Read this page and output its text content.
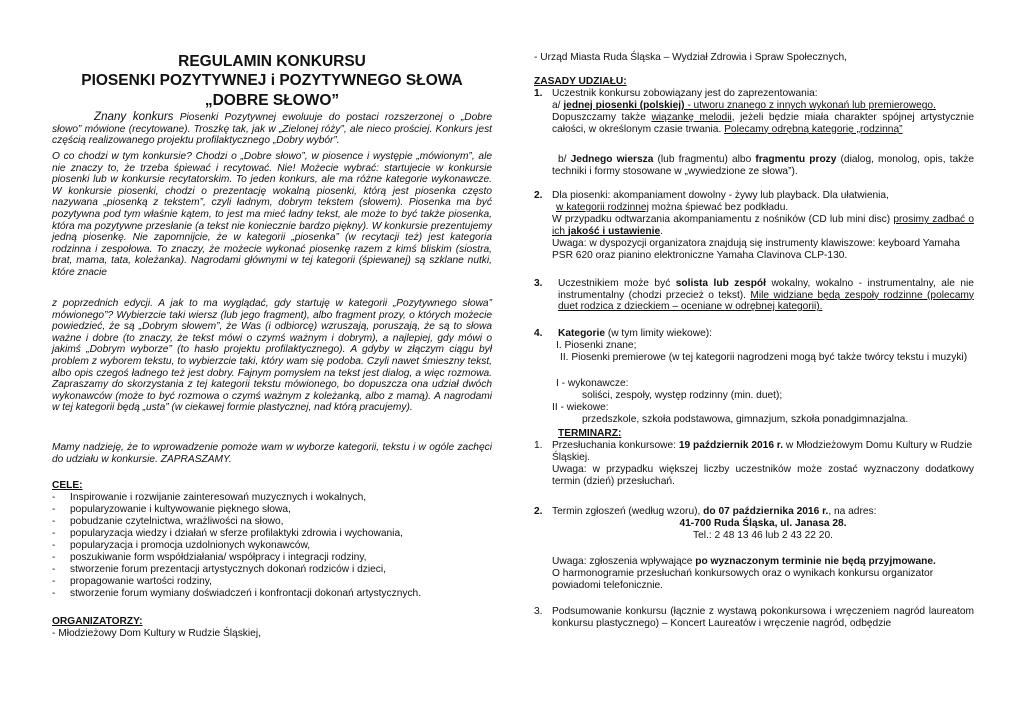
REGULAMIN KONKURSU
PIOSENKI POZYTYWNEJ i POZYTYWNEGO SŁOWA
„DOBRE SŁOWO”
Znany konkurs Piosenki Pozytywnej ewoluuje do postaci rozszerzonej o „Dobre słowo” mówione (recytowane). Troszkę tak, jak w „Zielonej róży”, ale nieco prościej. Konkurs jest częścią realizowanego projektu profilaktycznego „Dobry wybór”.
O co chodzi w tym konkursie? Chodzi o „Dobre słowo”, w piosence i występie „mówionym”, ale nie znaczy to, że trzeba śpiewać i recytować. Nie! Możecie wybrać: startujecie w konkursie piosenki lub w konkursie recytatorskim. To jeden konkurs, ale ma różne kategorie wykonawcze. W konkursie piosenki, chodzi o prezentację wokalną piosenki, którą jest piosenka często nazywana „piosenką z tekstem”, czyli ładnym, dobrym tekstem (słowem). Piosenka ma być pozytywna pod tym właśnie kątem, to jest ma mieć ładny tekst, ale może to być także piosenka, która ma pozytywne przesłanie (a tekst nie koniecznie bardzo piękny). W konkursie prezentujemy jedną piosenkę. Nie zapomnijcie, że w kategorii „piosenka” (w recytacji też) jest kategoria rodzinna i zespołowa. To znaczy, że możecie wykonać piosenkę razem z kimś bliskim (siostra, brat, mama, tata, koleżanka). Nagrodami głównymi w tej kategorii (śpiewanej) są szklane nutki, które znacie
z poprzednich edycji. A jak to ma wyglądać, gdy startuję w kategorii „Pozytywnego słowa” mówionego”? Wybierzcie taki wiersz (lub jego fragment), albo fragment prozy, o których możecie powiedzieć, że są „Dobrym słowem”, że Was (i odbiorcę) wzruszają, poruszają, że są to słowa ważne i dobre (to znaczy, że tekst mówi o czymś ważnym i dobrym), a najlepiej, gdy mówi o jakimś „Dobrym wyborze” (to hasło projektu profilaktycznego). A gdyby w złączym ciągu był problem z wyborem tekstu, to wybierzcie taki, który wam się podoba. Czyli nawet śmieszny tekst, albo opis czegoś ładnego też jest dobry. Fajnym pomysłem na tekst jest dialog, a więc rozmowa. Zapraszamy do skorzystania z tej kategorii tekstu mówionego, bo dopuszcza ona udział dwóch wykonawców (może to być rozmowa o czymś ważnym z koleżanką, albo z mamą). A nagrodami w tej kategorii będą „usta” (w ciekawej formie plastycznej, nad którą pracujemy).
Mamy nadzieję, że to wprowadzenie pomoże wam w wyborze kategorii, tekstu i w ogóle zachęci do udziału w konkursie. ZAPRASZAMY.
CELE:
- Inspirowanie i rozwijanie zainteresowań muzycznych i wokalnych,
- popularyzowanie i kultywowanie pięknego słowa,
- pobudzanie czytelnictwa, wrażliwości na słowo,
- popularyzacja wiedzy i działań w sferze profilaktyki zdrowia i wychowania,
- popularyzacja i promocja uzdolnionych wykonawców,
- poszukiwanie form współdziałania/ współpracy i integracji rodziny,
- stworzenie forum prezentacji artystycznych dokonań rodziców i dzieci,
- propagowanie wartości rodziny,
- stworzenie forum wymiany doświadczeń i konfrontacji dokonań artystycznych.
ORGANIZATORZY:
- Młodzieżowy Dom Kultury w Rudzie Śląskiej,
- Urząd Miasta Ruda Śląska – Wydział Zdrowia i Spraw Społecznych,
ZASADY UDZIAŁU:
1. Uczestnik konkursu zobowiązany jest do zaprezentowania:
a/ jednej piosenki (polskiej) - utworu znanego z innych wykonań lub premierowego.
Dopuszczamy także wiązankę melodii, jeżeli będzie miała charakter spójnej artystycznie całości, w określonym czasie trwania. Polecamy odrębną kategorię „rodzinną”
b/ Jednego wiersza (lub fragmentu) albo fragmentu prozy (dialog, monolog, opis, także techniki i formy stosowane w „wywiedzione ze słowa”).
2. Dla piosenki: akompaniament dowolny - żywy lub playback. Dla ułatwienia,
w kategorii rodzinnej można śpiewać bez podkładu.
W przypadku odtwarzania akompaniamentu z nośników (CD lub mini disc) prosimy zadbać o ich jakość i ustawienie.
Uwaga: w dyspozycji organizatora znajdują się instrumenty klawiszowe: keyboard Yamaha PSR 620 oraz pianino elektroniczne Yamaha Clavinova CLP-130.
3. Uczestnikiem może być solista lub zespół wokalny, wokalno - instrumentalny, ale nie instrumentalny (chodzi przecież o tekst). Mile widziane będą zespoły rodzinne (polecamy duet rodzica z dzieckiem – oceniane w odrębnej kategorii).
4. Kategorie (w tym limity wiekowe):
I. Piosenki znane;
II. Piosenki premierowe (w tej kategorii nagrodzeni mogą być także twórcy tekstu i muzyki)
I - wykonawcze:
soliści, zespoły, występ rodzinny (min. duet);
II - wiekowe:
przedszkole, szkoła podstawowa, gimnazjum, szkoła ponadgimnazjalna.
TERMINARZ:
1. Przesłuchania konkursowe: 19 październik 2016 r. w Młodzieżowym Domu Kultury w Rudzie Śląskiej.
Uwaga: w przypadku większej liczby uczestników może zostać wyznaczony dodatkowy termin (dzień) przesłuchań.
2. Termin zgłoszeń (według wzoru), do 07 października 2016 r., na adres:
41-700 Ruda Śląska, ul. Janasa 28.
Tel.: 2 48 13 46 lub 2 43 22 20.
Uwaga: zgłoszenia wpływające po wyznaczonym terminie nie będą przyjmowane.
O harmonogramie przesłuchań konkursowych oraz o wynikach konkursu organizator powiadomi telefonicznie.
3. Podsumowanie konkursu (łącznie z wystawą pokonkursowa i wręczeniem nagród laureatom konkursu plastycznego) – Koncert Laureatów i wręczenie nagród, odbędzie
